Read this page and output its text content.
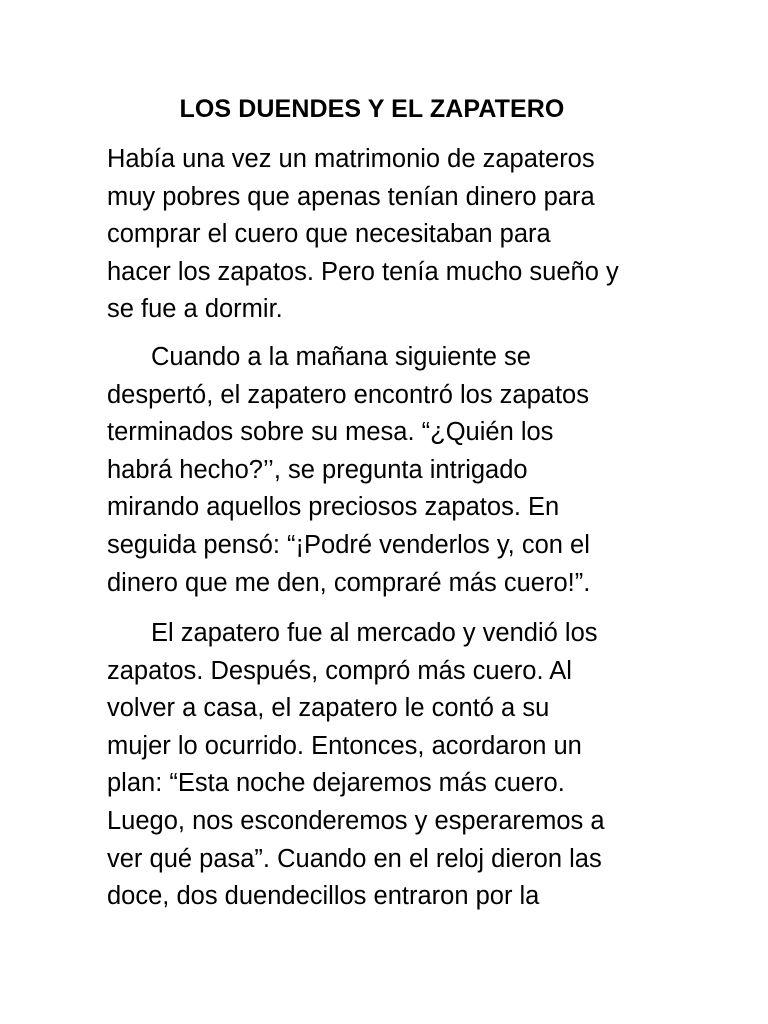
LOS DUENDES Y EL ZAPATERO

Había una vez un matrimonio de zapateros
muy pobres que apenas tenían dinero para
comprar el cuero que necesitaban para
hacer los zapatos. Pero tenía mucho sueño y
se fue a dormir.

Cuando a la mañana siguiente se
despertó, el zapatero encontró los zapatos
terminados sobre su mesa. “¿Quién los
habrá hecho?’’, se pregunta intrigado
mirando aquellos preciosos zapatos. En
seguida pensó: “¡Podré venderlos y, con el
dinero que me den, compraré más cuero!”.

El zapatero fue al mercado y vendió los
zapatos. Después, compró más cuero. Al
volver a casa, el zapatero le contó a su
mujer lo ocurrido. Entonces, acordaron un
plan: “Esta noche dejaremos más cuero.
Luego, nos esconderemos y esperaremos a
ver qué pasa”. Cuando en el reloj dieron las
doce, dos duendecillos entraron por la
